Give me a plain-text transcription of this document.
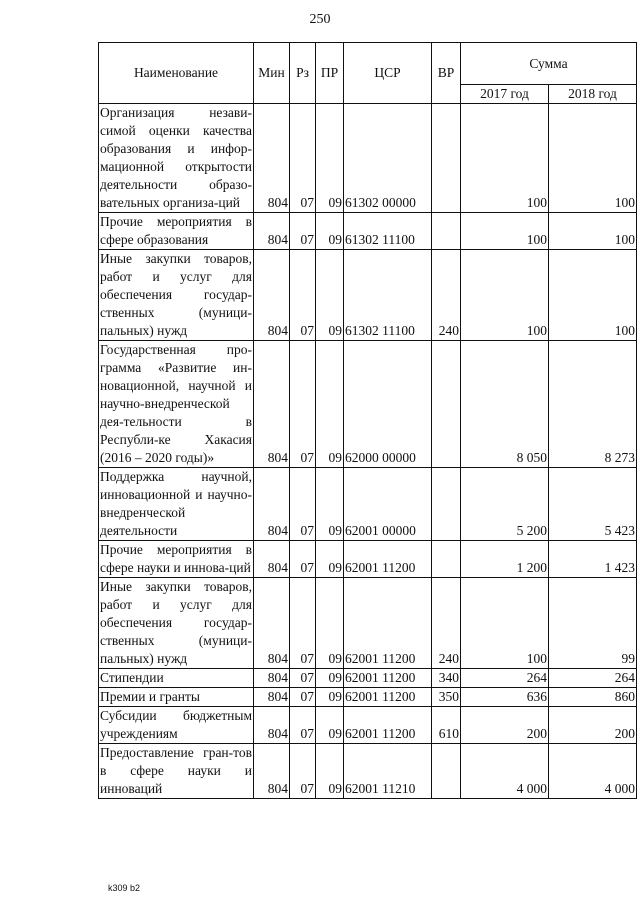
250
Наименование	Мин	Рз	ПР	ЦСР	ВР	Сумма	
						2017 год	2018 год
Организация незави-симой оценки качества образования и инфор-мационной открытости деятельности образо-вательных организа-ций	804	07	09	61302 00000		100	100
Прочие мероприятия в сфере образования	804	07	09	61302 11100		100	100
Иные закупки товаров, работ и услуг для обеспечения государ-ственных (муници-пальных) нужд	804	07	09	61302 11100	240	100	100
Государственная про-грамма «Развитие ин-новационной, научной и научно-внедренческой дея-тельности в Республи-ке Хакасия (2016 – 2020 годы)»	804	07	09	62000 00000		8 050	8 273
Поддержка научной, инновационной и научно-внедренческой деятельности	804	07	09	62001 00000		5 200	5 423
Прочие мероприятия в сфере науки и иннова-ций	804	07	09	62001 11200		1 200	1 423
Иные закупки товаров, работ и услуг для обеспечения государ-ственных (муници-пальных) нужд	804	07	09	62001 11200	240	100	99
Стипендии	804	07	09	62001 11200	340	264	264
Премии и гранты	804	07	09	62001 11200	350	636	860
Субсидии бюджетным учреждениям	804	07	09	62001 11200	610	200	200
Предоставление гран-тов в сфере науки и инноваций	804	07	09	62001 11210		4 000	4 000
k309 b2
